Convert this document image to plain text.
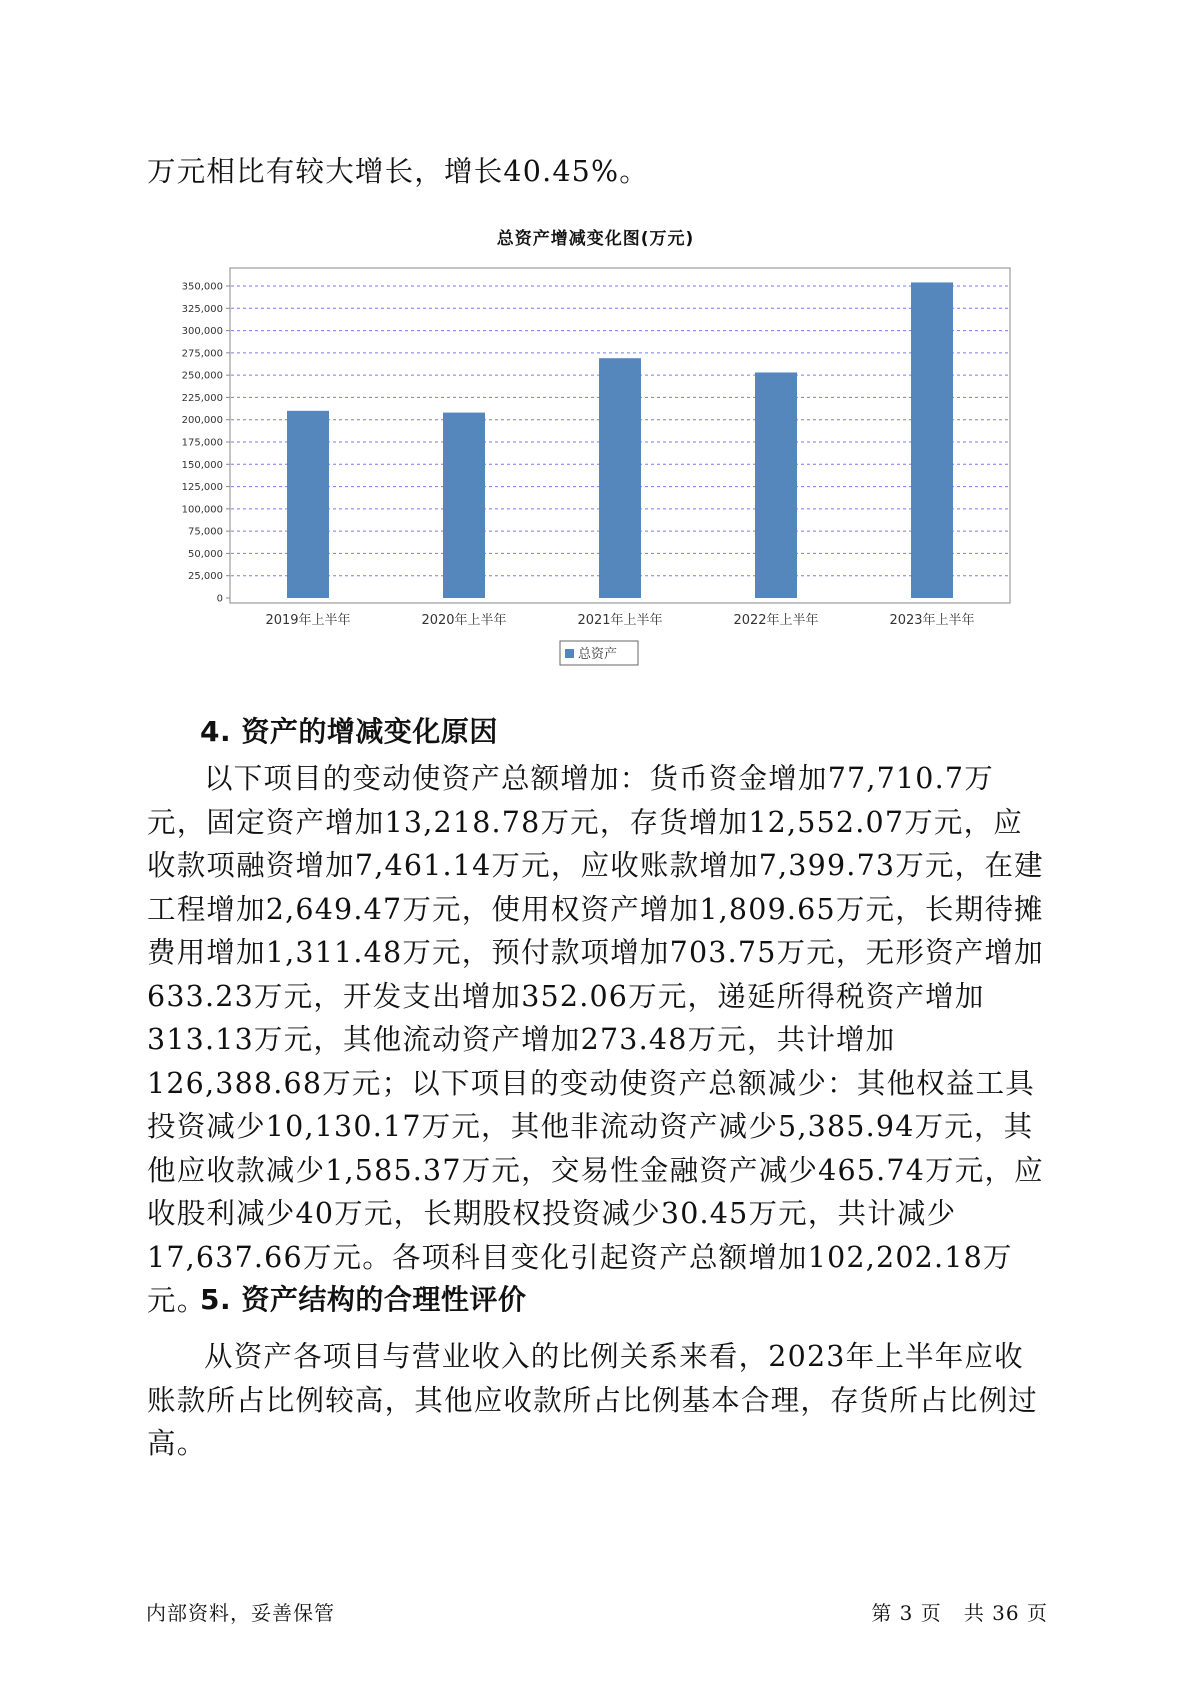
万元相比有较大增长，增长40.45%。

总资产增减变化图(万元)
0
25,000
50,000
75,000
100,000
125,000
150,000
175,000
200,000
225,000
250,000
275,000
300,000
325,000
350,000
2019年上半年	2020年上半年	2021年上半年	2022年上半年	2023年上半年
总资产
4. 资产的增减变化原因

以下项目的变动使资产总额增加：货币资金增加77,710.7万元，固定资产增加13,218.78万元，存货增加12,552.07万元，应收款项融资增加7,461.14万元，应收账款增加7,399.73万元，在建工程增加2,649.47万元，使用权资产增加1,809.65万元，长期待摊费用增加1,311.48万元，预付款项增加703.75万元，无形资产增加633.23万元，开发支出增加352.06万元，递延所得税资产增加313.13万元，其他流动资产增加273.48万元，共计增加126,388.68万元；以下项目的变动使资产总额减少：其他权益工具投资减少10,130.17万元，其他非流动资产减少5,385.94万元，其他应收款减少1,585.37万元，交易性金融资产减少465.74万元，应收股利减少40万元，长期股权投资减少30.45万元，共计减少17,637.66万元。各项科目变化引起资产总额增加102,202.18万元。

5. 资产结构的合理性评价

从资产各项目与营业收入的比例关系来看，2023年上半年应收账款所占比例较高，其他应收款所占比例基本合理，存货所占比例过高。

内部资料，妥善保管	第 3 页   共 36 页
